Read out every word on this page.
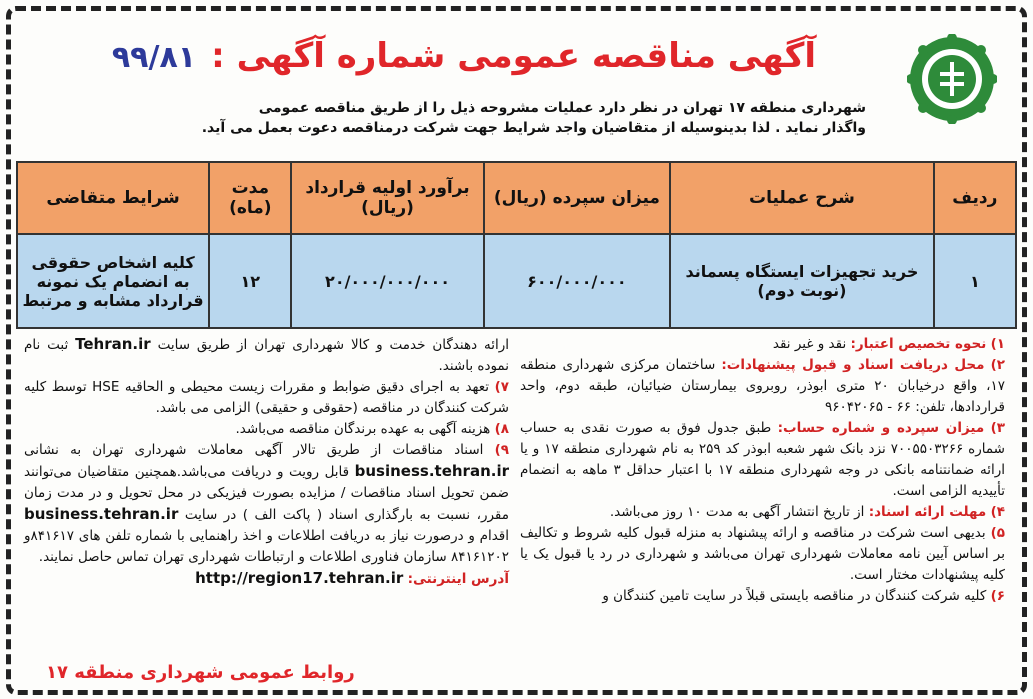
آگهی مناقصه عمومی شماره آگهی : ۹۹/۸۱
شهرداری منطقه ۱۷ تهران در نظر دارد عملیات مشروحه ذیل را از طریق مناقصه عمومی
واگذار نماید . لذا بدینوسیله از متقاضیان واجد شرایط جهت شرکت درمناقصه دعوت بعمل می آید.
ردیف	شرح عملیات	میزان سپرده (ریال)	برآورد اولیه قرارداد (ریال)	مدت (ماه)	شرایط متقاضی
۱	خرید تجهیزات ایستگاه پسماند (نوبت دوم)	۶۰۰/۰۰۰/۰۰۰	۲۰/۰۰۰/۰۰۰/۰۰۰	۱۲	کلیه اشخاص حقوقی به انضمام یک نمونه قرارداد مشابه و مرتبط
۱) نحوه تخصیص اعتبار: نقد و غیر نقد
۲) محل دریافت اسناد و قبول پیشنهادات: ساختمان مرکزی شهرداری منطقه ۱۷، واقع درخیابان ۲۰ متری ابوذر، روبروی بیمارستان ضیائیان، طبقه دوم، واحد قراردادها، تلفن: ۶۶ - ۹۶۰۴۲۰۶۵
۳) میزان سپرده و شماره حساب: طبق جدول فوق به صورت نقدی به حساب شماره ۷۰۰۵۵۰۳۲۶۶ نزد بانک شهر شعبه ابوذر کد ۲۵۹ به نام شهرداری منطقه ۱۷ و یا ارائه ضمانتنامه بانکی در وجه شهرداری منطقه ۱۷ با اعتبار حداقل ۳ ماهه به انضمام تأییدیه الزامی است.
۴) مهلت ارائه اسناد: از تاریخ انتشار آگهی به مدت ۱۰ روز می‌باشد.
۵) بدیهی است شرکت در مناقصه و ارائه پیشنهاد به منزله قبول کلیه شروط و تکالیف بر اساس آیین نامه معاملات شهرداری تهران می‌باشد و شهرداری در رد یا قبول یک یا کلیه پیشنهادات مختار است.
۶) کلیه شرکت کنندگان در مناقصه بایستی قبلاً در سایت تامین کنندگان و
ارائه دهندگان خدمت و کالا شهرداری تهران از طریق سایت Tehran.ir ثبت نام نموده باشند.
۷) تعهد به اجرای دقیق ضوابط و مقررات زیست محیطی و الحاقیه HSE توسط کلیه شرکت کنندگان در مناقصه (حقوقی و حقیقی) الزامی می باشد.
۸) هزینه آگهی به عهده برندگان مناقصه می‌باشد.
۹) اسناد مناقصات از طریق تالار آگهی معاملات شهرداری تهران به نشانی business.tehran.ir قابل رویت و دریافت می‌باشد.همچنین متقاضیان می‌توانند ضمن تحویل اسناد مناقصات / مزایده بصورت فیزیکی در محل تحویل و در مدت زمان مقرر، نسبت به بارگذاری اسناد ( پاکت الف ) در سایت business.tehran.ir اقدام و درصورت نیاز به دریافت اطلاعات و اخذ راهنمایی با شماره تلفن های ۸۴۱۶۱۷و ۸۴۱۶۱۲۰۲ سازمان فناوری اطلاعات و ارتباطات شهرداری تهران تماس حاصل نمایند.
آدرس اینترنتی: http://region17.tehran.ir
روابط عمومی شهرداری منطقه ۱۷
